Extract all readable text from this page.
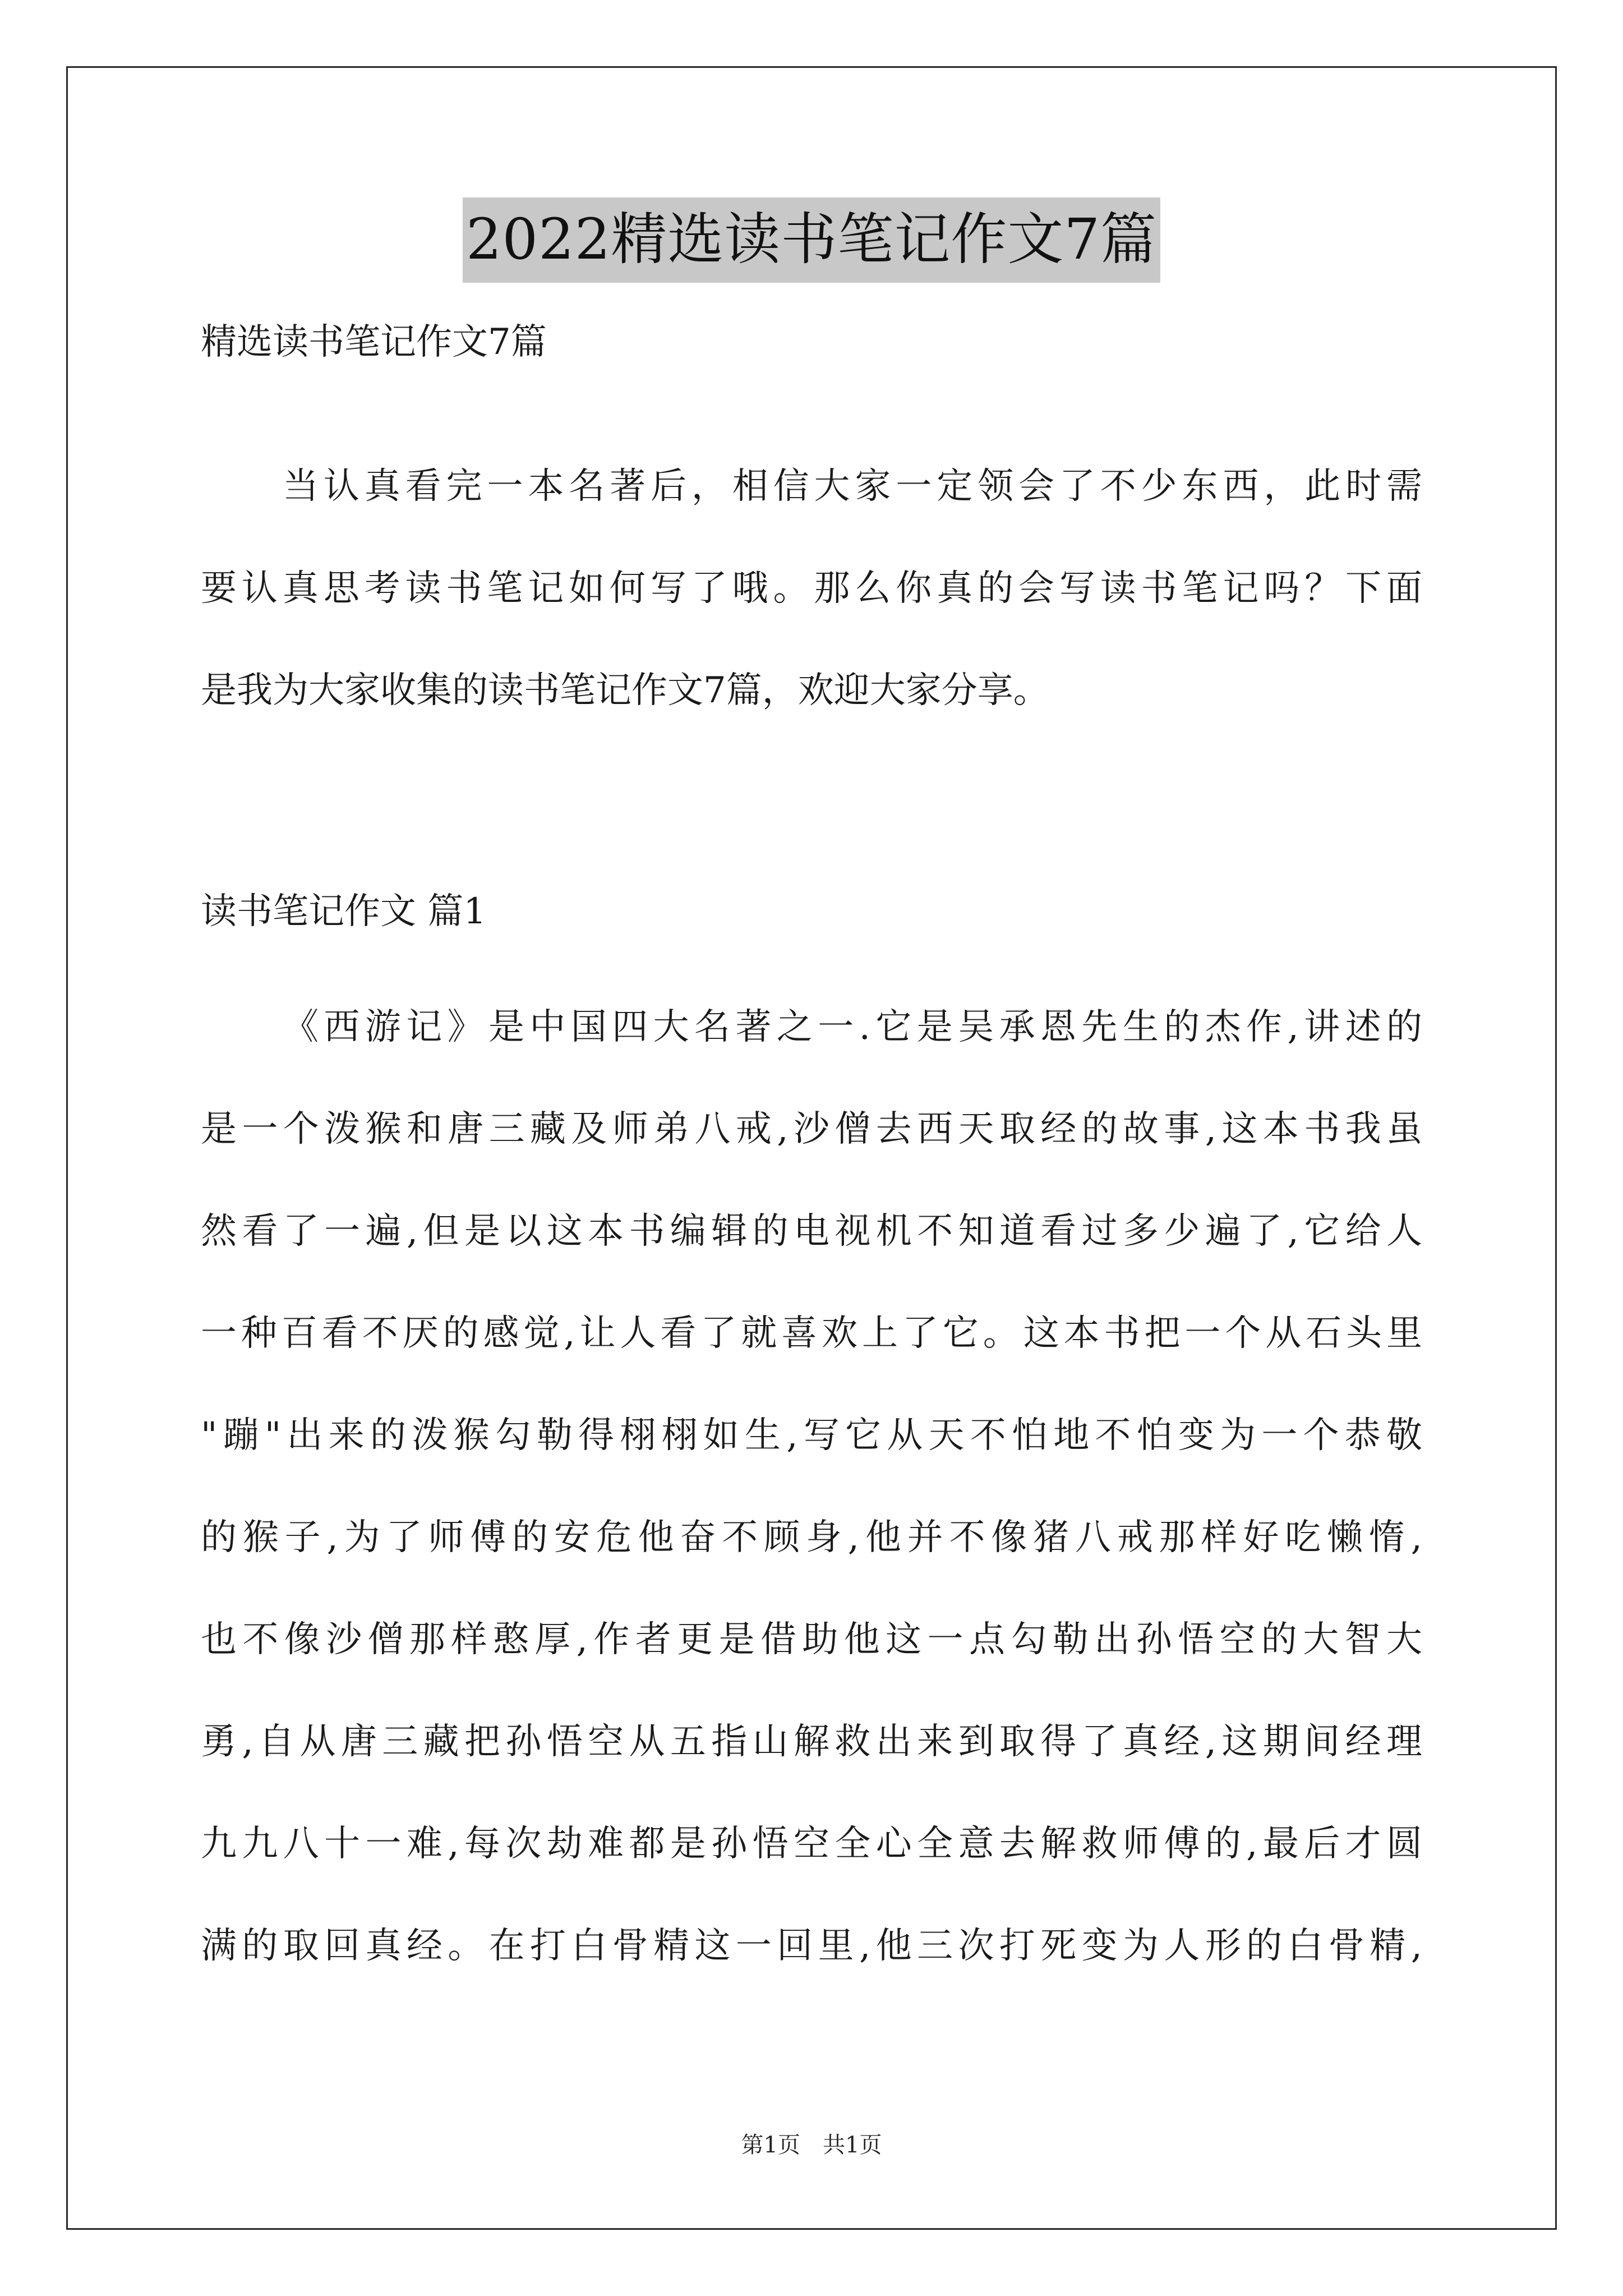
2022精选读书笔记作文7篇
精选读书笔记作文7篇
当认真看完一本名著后，相信大家一定领会了不少东西，此时需
要认真思考读书笔记如何写了哦。那么你真的会写读书笔记吗？下面
是我为大家收集的读书笔记作文7篇，欢迎大家分享。
读书笔记作文 篇1
《西游记》是中国四大名著之一.它是吴承恩先生的杰作,讲述的
是一个泼猴和唐三藏及师弟八戒,沙僧去西天取经的故事,这本书我虽
然看了一遍,但是以这本书编辑的电视机不知道看过多少遍了,它给人
一种百看不厌的感觉,让人看了就喜欢上了它。这本书把一个从石头里
"蹦"出来的泼猴勾勒得栩栩如生,写它从天不怕地不怕变为一个恭敬
的猴子,为了师傅的安危他奋不顾身,他并不像猪八戒那样好吃懒惰,
也不像沙僧那样憨厚,作者更是借助他这一点勾勒出孙悟空的大智大
勇,自从唐三藏把孙悟空从五指山解救出来到取得了真经,这期间经理
九九八十一难,每次劫难都是孙悟空全心全意去解救师傅的,最后才圆
满的取回真经。在打白骨精这一回里,他三次打死变为人形的白骨精,
第1页　共1页
